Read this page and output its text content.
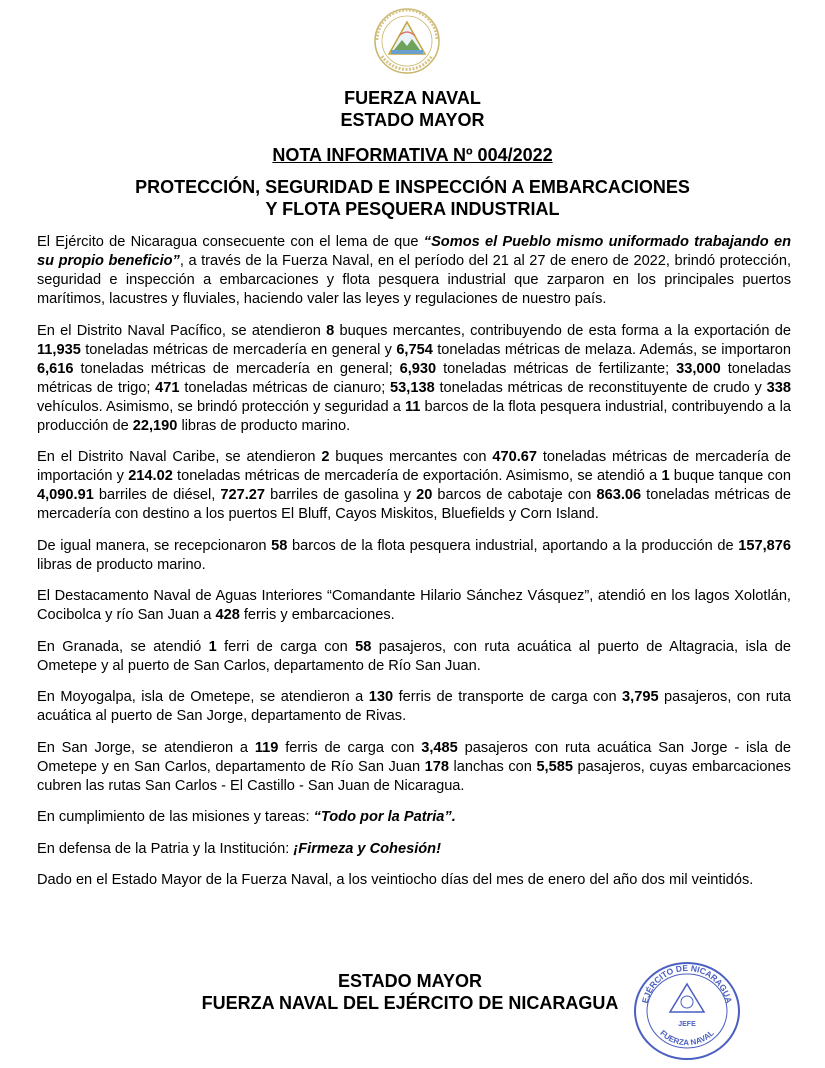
FUERZA NAVAL
ESTADO MAYOR
NOTA INFORMATIVA Nº 004/2022
PROTECCIÓN, SEGURIDAD E INSPECCIÓN A EMBARCACIONES
Y FLOTA PESQUERA INDUSTRIAL

El Ejército de Nicaragua consecuente con el lema de que “Somos el Pueblo mismo uniformado trabajando en su propio beneficio”, a través de la Fuerza Naval, en el período del 21 al 27 de enero de 2022, brindó protección, seguridad e inspección a embarcaciones y flota pesquera industrial que zarparon en los principales puertos marítimos, lacustres y fluviales, haciendo valer las leyes y regulaciones de nuestro país.

En el Distrito Naval Pacífico, se atendieron 8 buques mercantes, contribuyendo de esta forma a la exportación de 11,935 toneladas métricas de mercadería en general y 6,754 toneladas métricas de melaza. Además, se importaron 6,616 toneladas métricas de mercadería en general; 6,930 toneladas métricas de fertilizante; 33,000 toneladas métricas de trigo; 471 toneladas métricas de cianuro; 53,138 toneladas métricas de reconstituyente de crudo y 338 vehículos. Asimismo, se brindó protección y seguridad a 11 barcos de la flota pesquera industrial, contribuyendo a la producción de 22,190 libras de producto marino.

En el Distrito Naval Caribe, se atendieron 2 buques mercantes con 470.67 toneladas métricas de mercadería de importación y 214.02 toneladas métricas de mercadería de exportación. Asimismo, se atendió a 1 buque tanque con 4,090.91 barriles de diésel, 727.27 barriles de gasolina y 20 barcos de cabotaje con 863.06 toneladas métricas de mercadería con destino a los puertos El Bluff, Cayos Miskitos, Bluefields y Corn Island.

De igual manera, se recepcionaron 58 barcos de la flota pesquera industrial, aportando a la producción de 157,876 libras de producto marino.

El Destacamento Naval de Aguas Interiores “Comandante Hilario Sánchez Vásquez”, atendió en los lagos Xolotlán, Cocibolca y río San Juan a 428 ferris y embarcaciones.

En Granada, se atendió 1 ferri de carga con 58 pasajeros, con ruta acuática al puerto de Altagracia, isla de Ometepe y al puerto de San Carlos, departamento de Río San Juan.

En Moyogalpa, isla de Ometepe, se atendieron a 130 ferris de transporte de carga con 3,795 pasajeros, con ruta acuática al puerto de San Jorge, departamento de Rivas.

En San Jorge, se atendieron a 119 ferris de carga con 3,485 pasajeros con ruta acuática San Jorge - isla de Ometepe y en San Carlos, departamento de Río San Juan 178 lanchas con 5,585 pasajeros, cuyas embarcaciones cubren las rutas San Carlos - El Castillo - San Juan de Nicaragua.

En cumplimiento de las misiones y tareas: “Todo por la Patria”.

En defensa de la Patria y la Institución: ¡Firmeza y Cohesión!

Dado en el Estado Mayor de la Fuerza Naval, a los veintiocho días del mes de enero del año dos mil veintidós.

ESTADO MAYOR
FUERZA NAVAL DEL EJÉRCITO DE NICARAGUA	EJÉRCITO DE NICARAGUA
FUERZA NAVAL
JEFE
